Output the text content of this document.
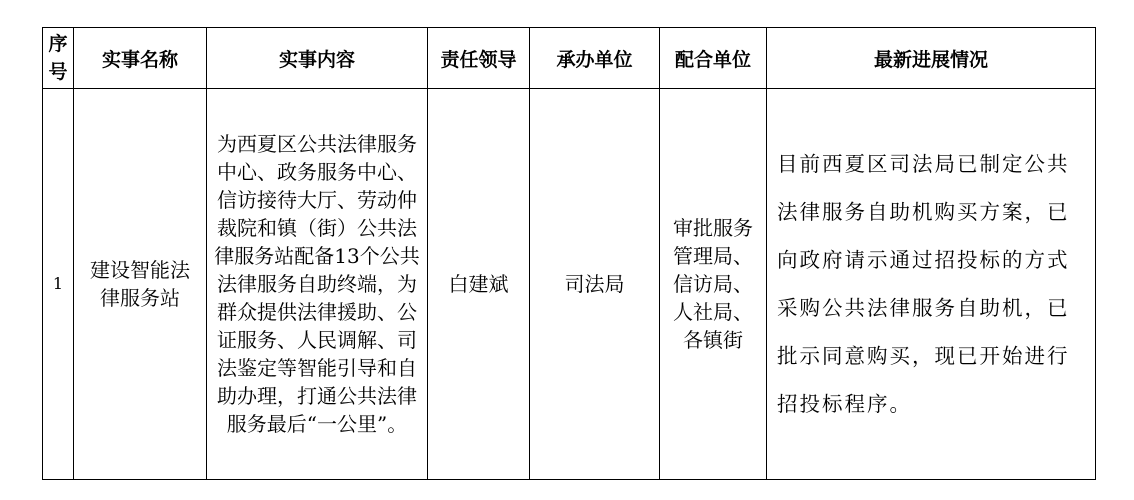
序号	实事名称	实事内容	责任领导	承办单位	配合单位	最新进展情况
1	建设智能法律服务站	为西夏区公共法律服务中心、政务服务中心、信访接待大厅、劳动仲裁院和镇（街）公共法律服务站配备13个公共法律服务自助终端，为群众提供法律援助、公证服务、人民调解、司法鉴定等智能引导和自助办理，打通公共法律服务最后“一公里”。	白建斌	司法局	审批服务管理局、信访局、人社局、各镇街	目前西夏区司法局已制定公共法律服务自助机购买方案，已向政府请示通过招投标的方式采购公共法律服务自助机，已批示同意购买，现已开始进行招投标程序。
